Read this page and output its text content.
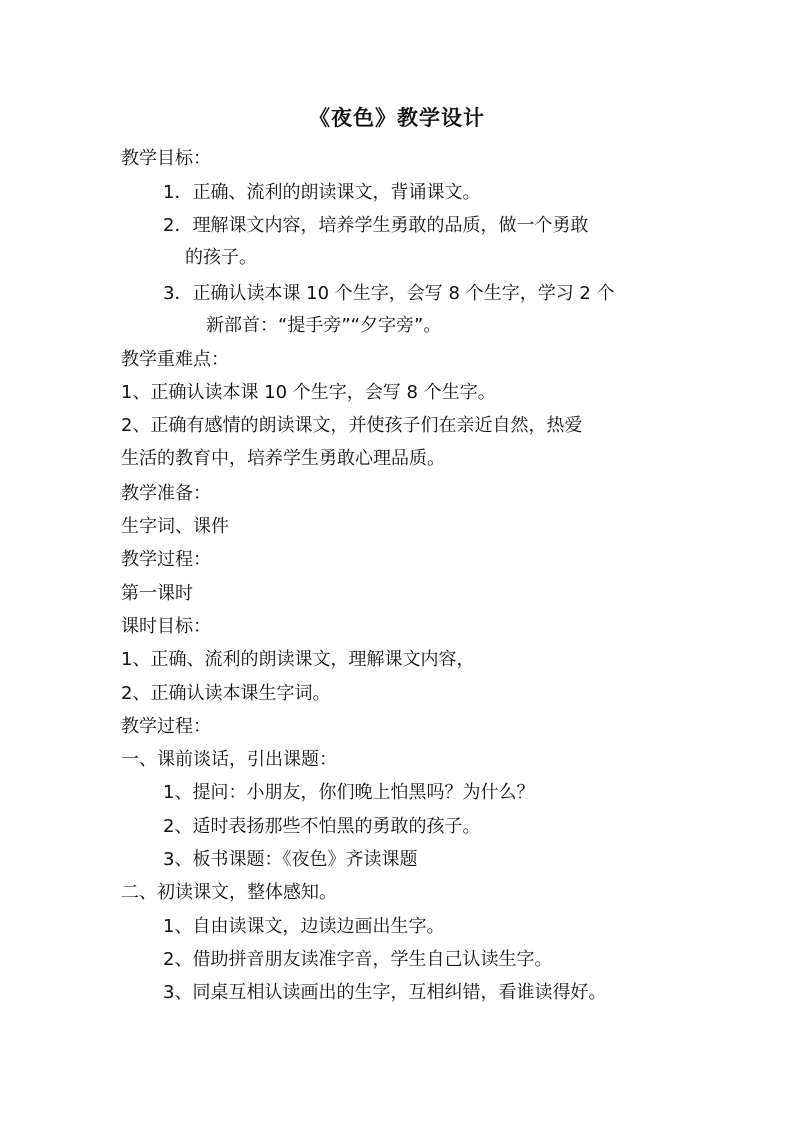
《夜色》教学设计
教学目标：
1．正确、流利的朗读课文，背诵课文。
2．理解课文内容，培养学生勇敢的品质，做一个勇敢
的孩子。
3．正确认读本课 10 个生字，会写 8 个生字，学习 2 个
新部首：“提手旁”“夕字旁”。
教学重难点：
1、正确认读本课 10 个生字，会写 8 个生字。
2、正确有感情的朗读课文，并使孩子们在亲近自然，热爱
生活的教育中，培养学生勇敢心理品质。
教学准备：
生字词、课件
教学过程：
第一课时
课时目标：
1、正确、流利的朗读课文，理解课文内容，
2、正确认读本课生字词。
教学过程：
一、课前谈话，引出课题：
1、提问：小朋友，你们晚上怕黑吗？为什么？
2、适时表扬那些不怕黑的勇敢的孩子。
3、板书课题：《夜色》齐读课题
二、初读课文，整体感知。
1、自由读课文，边读边画出生字。
2、借助拼音朋友读准字音，学生自己认读生字。
3、同桌互相认读画出的生字，互相纠错，看谁读得好。
